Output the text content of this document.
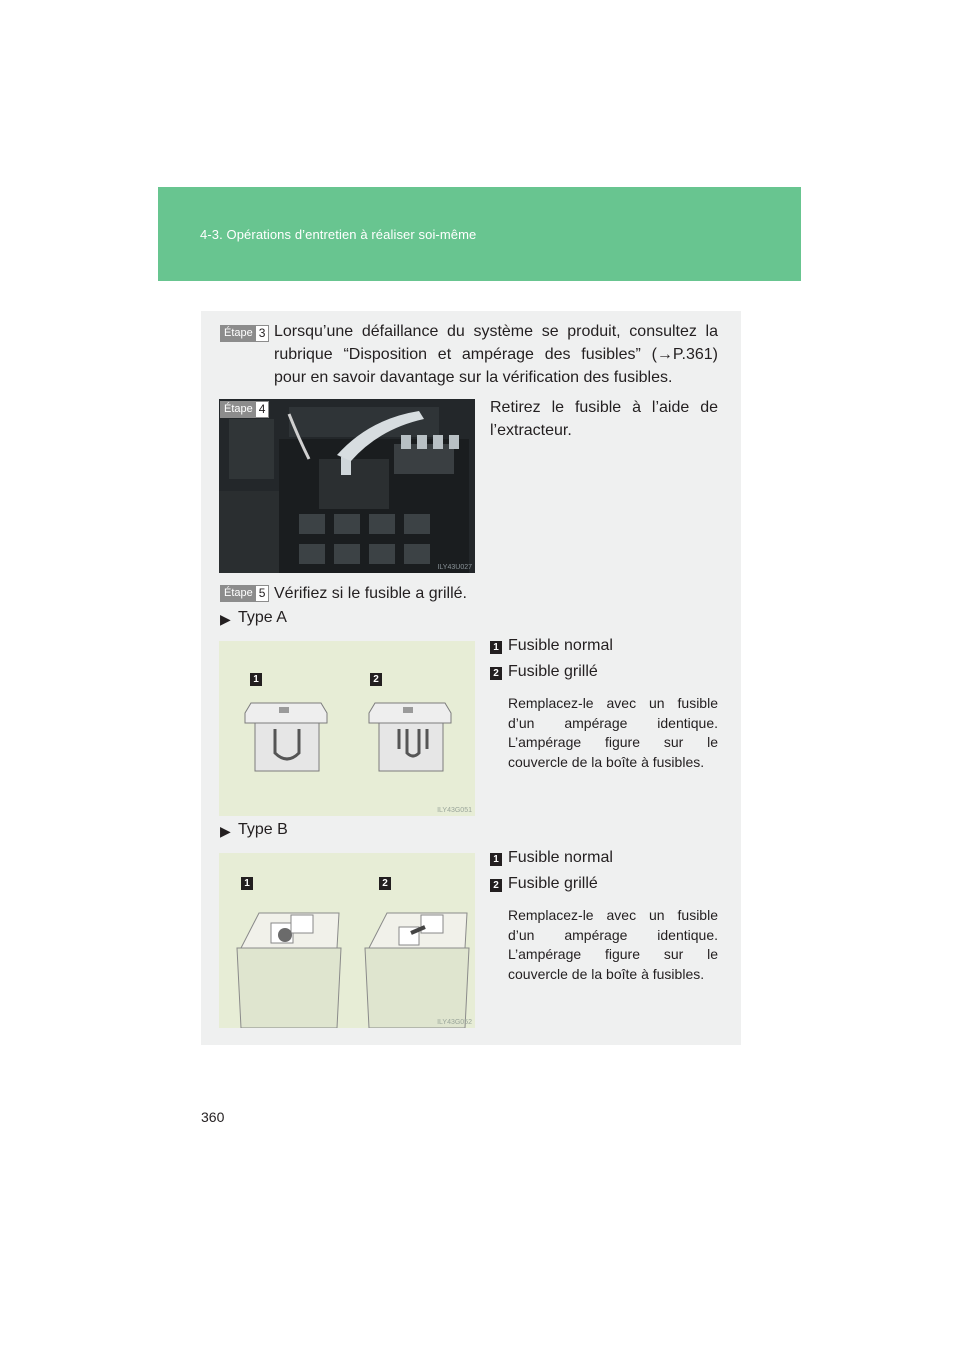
4-3. Opérations d’entretien à réaliser soi-même
Étape 3 Lorsqu’une défaillance du système se produit, consultez la
rubrique “Disposition et ampérage des fusibles” (→P.361)
pour en savoir davantage sur la vérification des fusibles.
ILY43U027
Étape 4	Retirez le fusible à l’aide de
l’extracteur.
Étape 5 Vérifiez si le fusible a grillé.
▶ Type A
1	2
ILY43G051
1 Fusible normal
2 Fusible grillé
Remplacez-le avec un fusible
d’un ampérage identique.
L’ampérage figure sur le
couvercle de la boîte à fusibles.
▶ Type B
1	2
ILY43G052
1 Fusible normal
2 Fusible grillé
Remplacez-le avec un fusible
d’un ampérage identique.
L’ampérage figure sur le
couvercle de la boîte à fusibles.
360
